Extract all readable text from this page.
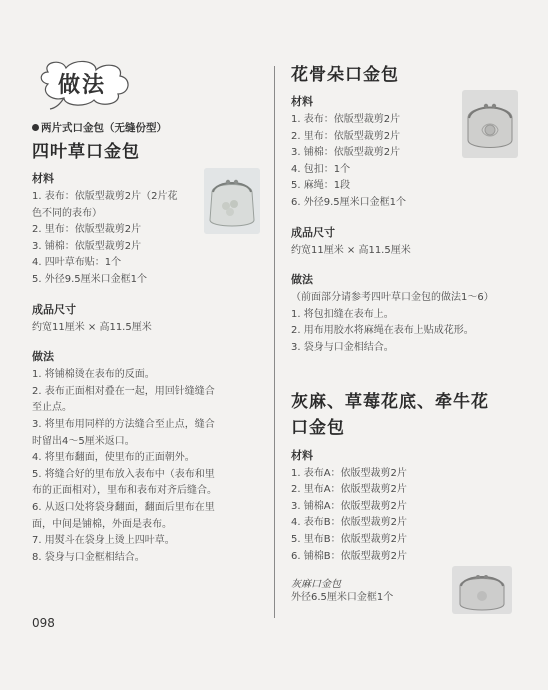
做法
两片式口金包（无缝份型）
四叶草口金包
材料
1. 表布：依版型裁剪2片（2片花
色不同的表布）
2. 里布：依版型裁剪2片
3. 铺棉：依版型裁剪2片
4. 四叶草布贴：1个
5. 外径9.5厘米口金框1个
成品尺寸
约宽11厘米 × 高11.5厘米
做法
1. 将铺棉烫在表布的反面。
2. 表布正面相对叠在一起，用回针缝缝合
至止点。
3. 将里布用同样的方法缝合至止点，缝合
时留出4～5厘米返口。
4. 将里布翻面，使里布的正面朝外。
5. 将缝合好的里布放入表布中（表布和里
布的正面相对），里布和表布对齐后缝合。
6. 从返口处将袋身翻面，翻面后里布在里
面，中间是铺棉，外面是表布。
7. 用熨斗在袋身上烫上四叶草。
8. 袋身与口金框相结合。
花骨朵口金包
材料
1. 表布：依版型裁剪2片
2. 里布：依版型裁剪2片
3. 铺棉：依版型裁剪2片
4. 包扣：1个
5. 麻绳：1段
6. 外径9.5厘米口金框1个
成品尺寸
约宽11厘米 × 高11.5厘米
做法
（前面部分请参考四叶草口金包的做法1～6）
1. 将包扣缝在表布上。
2. 用布用胶水将麻绳在表布上贴成花形。
3. 袋身与口金相结合。
灰麻、草莓花底、牵牛花
口金包
材料
1. 表布A：依版型裁剪2片
2. 里布A：依版型裁剪2片
3. 铺棉A：依版型裁剪2片
4. 表布B：依版型裁剪2片
5. 里布B：依版型裁剪2片
6. 铺棉B：依版型裁剪2片
灰麻口金包
外径6.5厘米口金框1个
098
